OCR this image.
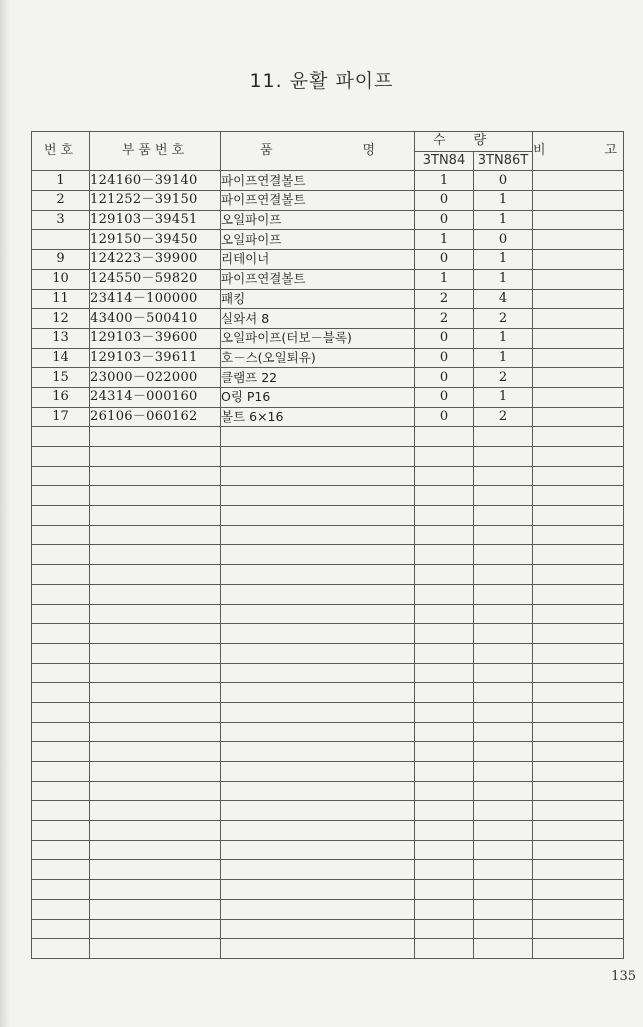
11. 윤활 파이프
번호	부품번호	품 명	수량		비 고

			3TN84	3TN86T	
1	124160－39140	파이프연결볼트	1	0	
2	121252－39150	파이프연결볼트	0	1	
3	129103－39451	오일파이프	0	1	
	129150－39450	오일파이프	1	0	
9	124223－39900	리테이너	0	1	
10	124550－59820	파이프연결볼트	1	1	
11	23414－100000	패킹	2	4	
12	43400－500410	실와셔 8	2	2	
13	129103－39600	오일파이프(터보－블록)	0	1	
14	129103－39611	호－스(오일퇴유)	0	1	
15	23000－022000	클램프 22	0	2	
16	24314－000160	O링 P16	0	1	
17	26106－060162	볼트 6×16	0	2	

135
